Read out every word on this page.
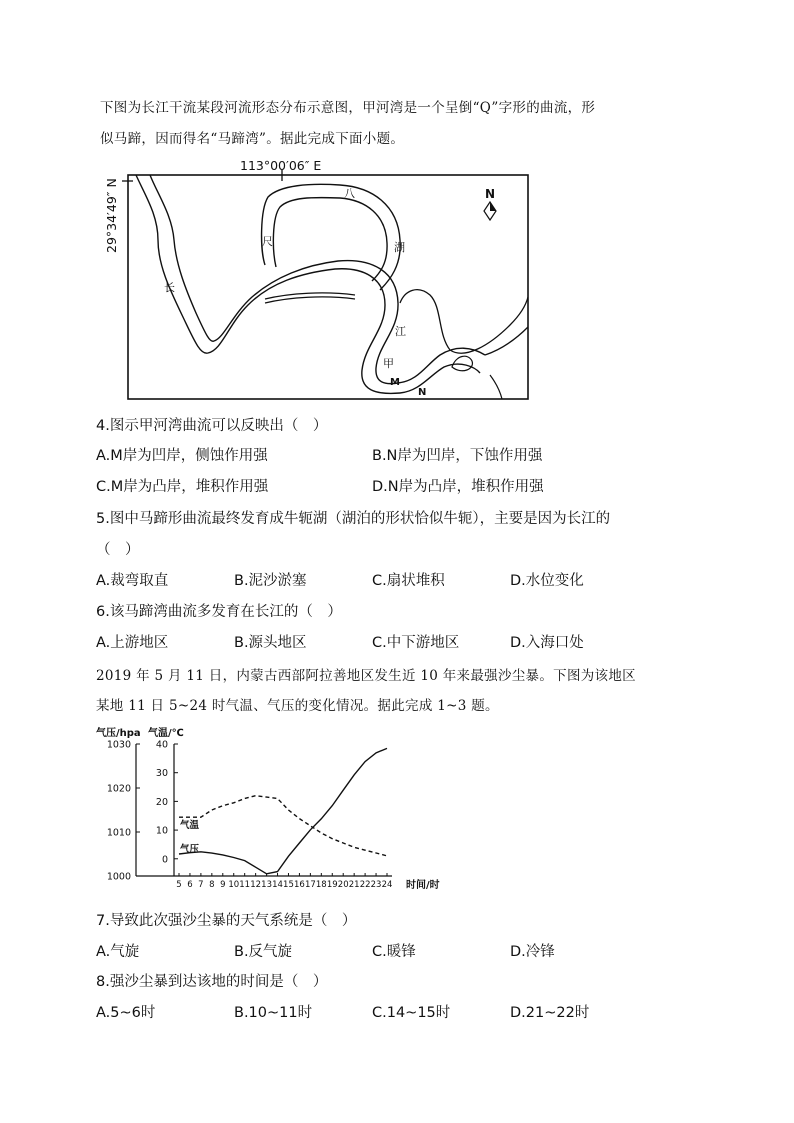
下图为长江干流某段河流形态分布示意图，甲河湾是一个呈倒“Q”字形的曲流，形
似马蹄，因而得名“马蹄湾”。据此完成下面小题。
113°00′06″ E
29°34′49″ N	N
长
尺
八
湖
江
甲
M
N
4.图示甲河湾曲流可以反映出（　）
A.M岸为凹岸，侧蚀作用强	B.N岸为凹岸，下蚀作用强
C.M岸为凸岸，堆积作用强	D.N岸为凸岸，堆积作用强
5.图中马蹄形曲流最终发育成牛轭湖（湖泊的形状恰似牛轭），主要是因为长江的
（　）
A.裁弯取直	B.泥沙淤塞	C.扇状堆积	D.水位变化
6.该马蹄湾曲流多发育在长江的（　）
A.上游地区	B.源头地区	C.中下游地区	D.入海口处
2019 年 5 月 11 日，内蒙古西部阿拉善地区发生近 10 年来最强沙尘暴。下图为该地区
某地 11 日 5~24 时气温、气压的变化情况。据此完成 1~3 题。
气压/hpa 气温/℃
时间/时
1000
1010
1020
1030
0
10
20
30
40
5 6 7 8 9 10 11 12 13 14 15 16 17 18 19 20 21 22 23 24
气温
气压
7.导致此次强沙尘暴的天气系统是（　）
A.气旋	B.反气旋	C.暖锋	D.冷锋
8.强沙尘暴到达该地的时间是（　）
A.5~6时	B.10~11时	C.14~15时	D.21~22时
